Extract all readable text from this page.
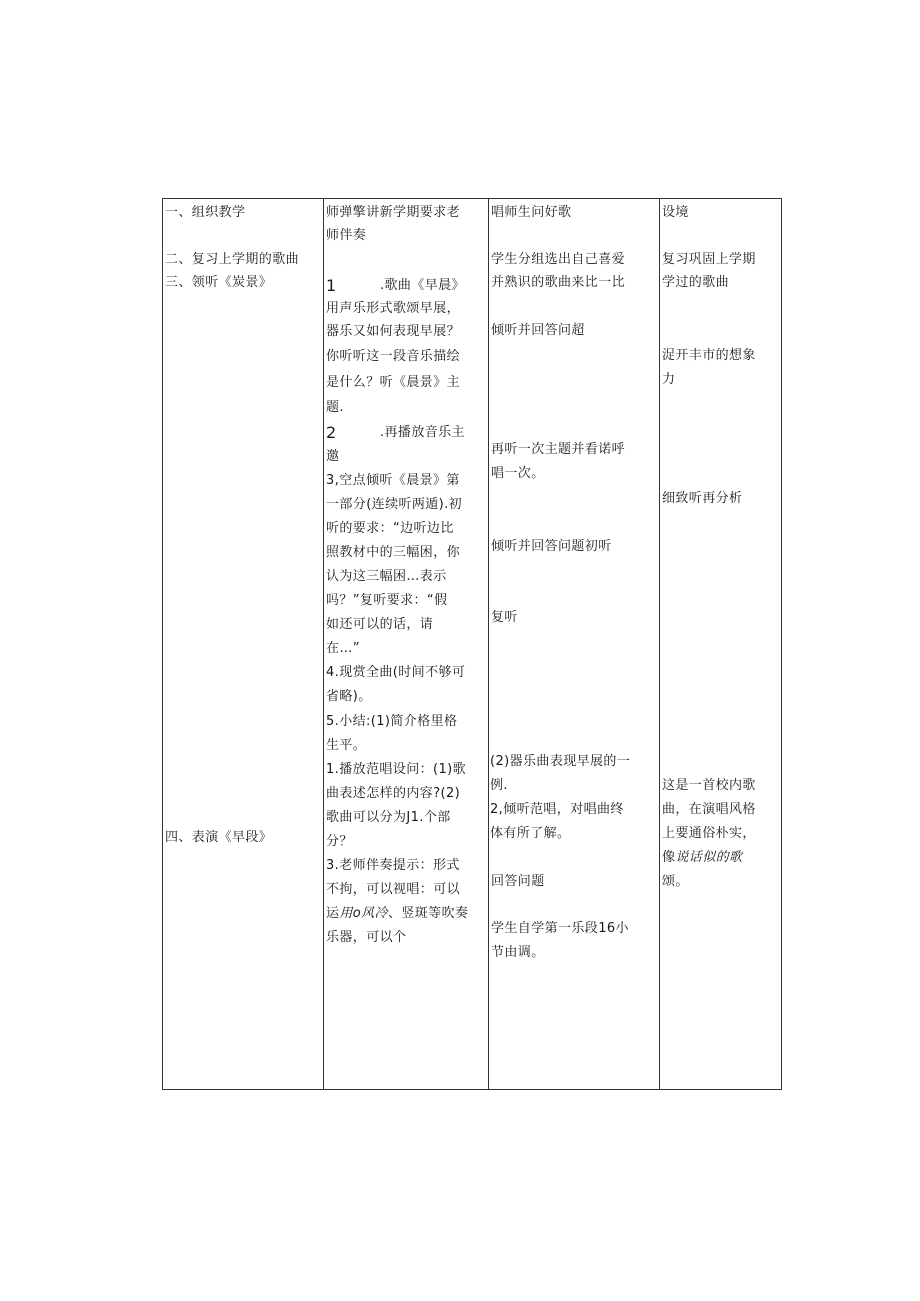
一、组织教学
二、复习上学期的歌曲
三、领听《炭景》
四、表演《早段》
师弹擎讲新学期要求老
师伴奏
1	.歌曲《早晨》
用声乐形式歌颂早展，
器乐又如何表现早展？
你听听这一段音乐描绘
是什么？听《晨景》主
题.
2	.再播放音乐主
邀
3,空点倾听《晨景》第
一部分(连续听两遁).初
听的要求：“边听边比
照教材中的三幅困，你
认为这三幅困…表示
吗？”复听要求：“假
如还可以的话，请
在…”
4.现赏全曲(时间不够可
省略)。
5.小结:(1)简介格里格
生平。
1.播放范唱设问：(1)歌
曲表述怎样的内容?(2)
歌曲可以分为J1.个部
分？
3.老师伴奏提示：形式
不拘，可以视唱：可以
运用o风冷、竖斑等吹奏
乐器，可以个
唱师生问好歌
学生分组选出自己喜爱
并熟识的歌曲来比一比
倾听并回答问超
再听一次主题并看诺呼
唱一次。
倾听并回答问题初听
复听
(2)器乐曲表现早展的一
例.
2,倾听范唱，对唱曲终
体有所了解。
回答问题
学生自学第一乐段16小
节由调。
设境
复习巩固上学期
学过的歌曲
浞开丰市的想象
力
细致听再分析
这是一首校内歌
曲，在演唱风格
上要通俗朴实，
像说话似的歌
颂。
